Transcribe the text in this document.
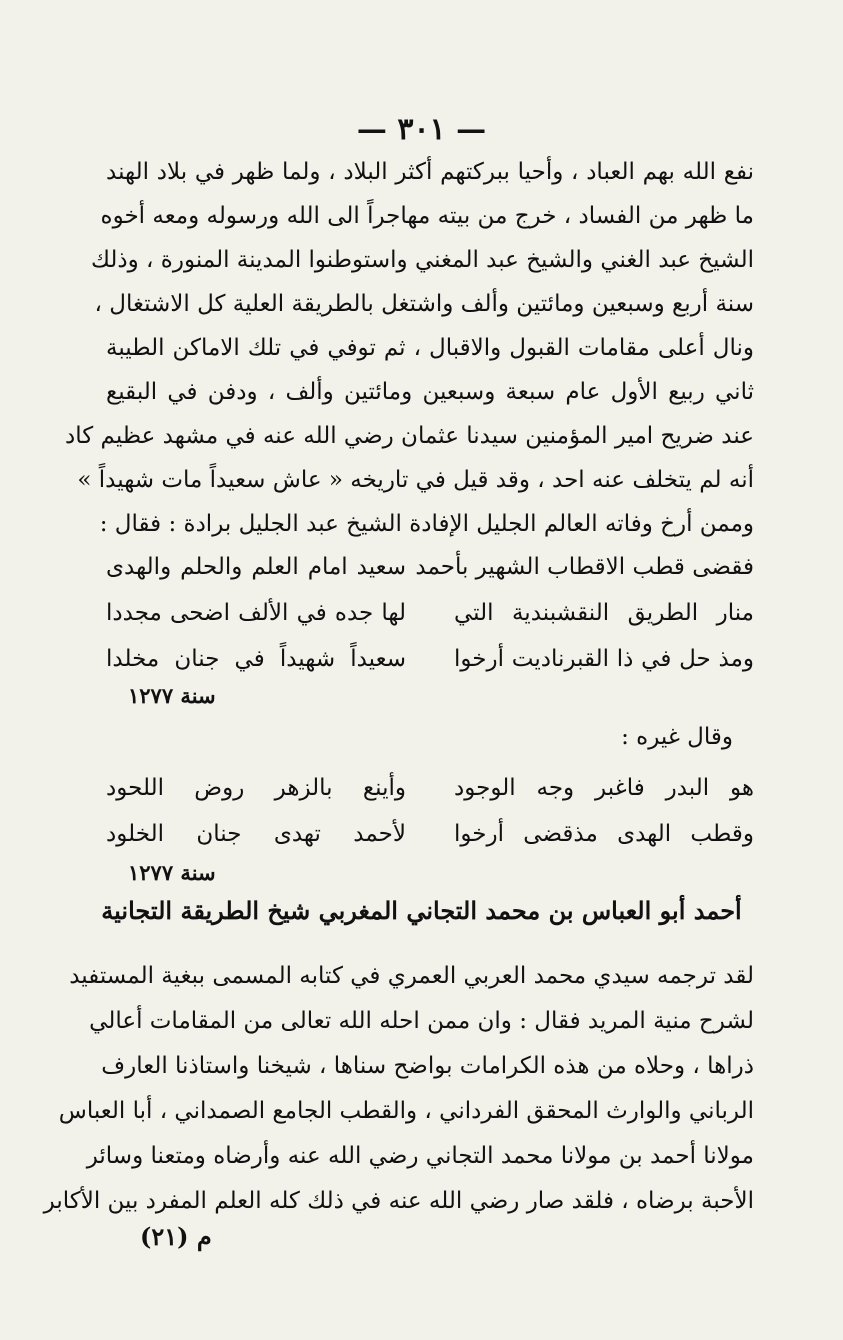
— ٣٠١ —
نفع الله بهم العباد ، وأحيا ببركتهم أكثر البلاد ، ولما ظهر في بلاد الهند
ما ظهر من الفساد ، خرج من بيته مهاجراً الى الله ورسوله ومعه أخوه
الشيخ عبد الغني والشيخ عبد المغني واستوطنوا المدينة المنورة ، وذلك
سنة أربع وسبعين ومائتين وألف واشتغل بالطريقة العلية كل الاشتغال ،
ونال أعلى مقامات القبول والاقبال ، ثم توفي في تلك الاماكن الطيبة
ثاني ربيع الأول عام سبعة وسبعين ومائتين وألف ، ودفن في البقيع
عند ضريح امير المؤمنين سيدنا عثمان رضي الله عنه في مشهد عظيم كاد
أنه لم يتخلف عنه احد ، وقد قيل في تاريخه « عاش سعيداً مات شهيداً »
وممن أرخ وفاته العالم الجليل الإفادة الشيخ عبد الجليل برادة : فقال :
فقضى قطب الاقطاب الشهير بأحمد
سعيد امام العلم والحلم والهدى
منار الطريق النقشبندية التي
لها جده في الألف اضحى مجددا
ومذ حل في ذا القبرناديت أرخوا
سعيداً شهيداً في جنان مخلدا
سنة ١٢٧٧
وقال غيره :
هو البدر فاغبر وجه الوجود
وأينع بالزهر روض اللحود
وقطب الهدى مذقضى أرخوا
لأحمد تهدى جنان الخلود
سنة ١٢٧٧
أحمد أبو العباس بن محمد التجاني المغربي شيخ الطريقة التجانية
لقد ترجمه سيدي محمد العربي العمري في كتابه المسمى ببغية المستفيد
لشرح منية المريد فقال : وان ممن احله الله تعالى من المقامات أعالي
ذراها ، وحلاه من هذه الكرامات بواضح سناها ، شيخنا واستاذنا العارف
الرباني والوارث المحقق الفرداني ، والقطب الجامع الصمداني ، أبا العباس
مولانا أحمد بن مولانا محمد التجاني رضي الله عنه وأرضاه ومتعنا وسائر
الأحبة برضاه ، فلقد صار رضي الله عنه في ذلك كله العلم المفرد بين الأكابر
م (٢١)
